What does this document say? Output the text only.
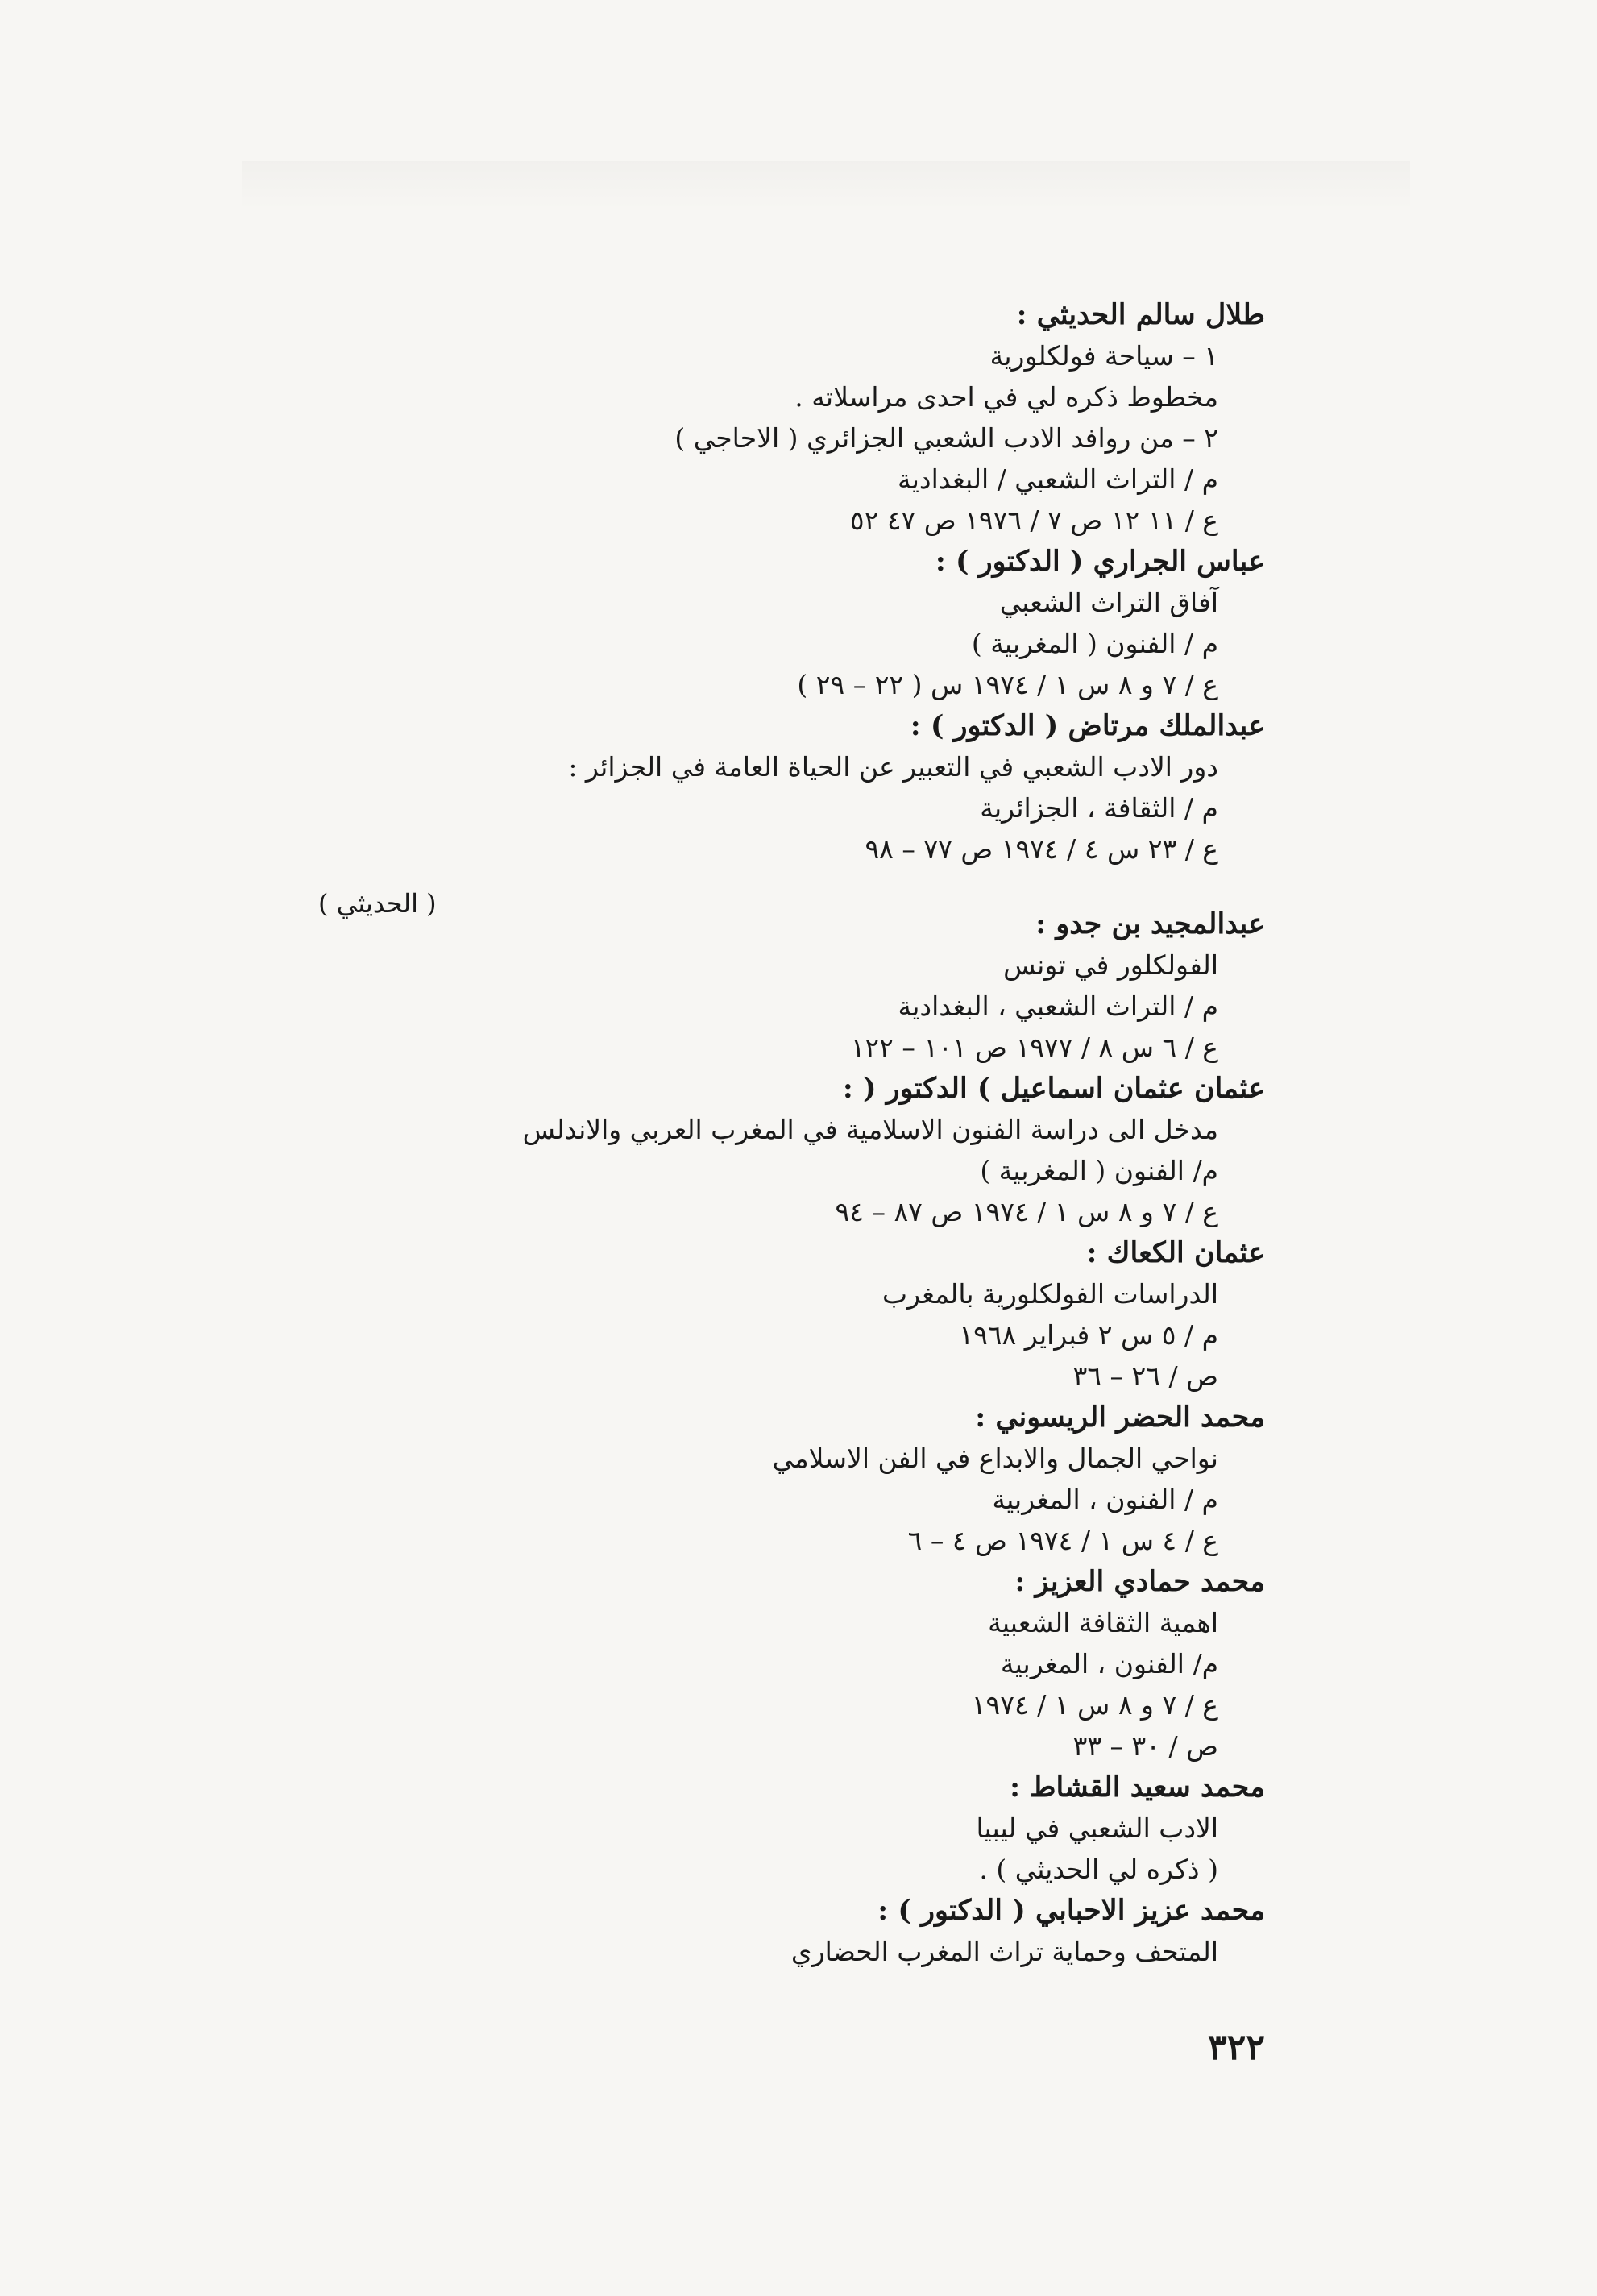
طلال سالم الحديثي :
١ – سياحة فولكلورية
مخطوط ذكره لي في احدى مراسلاته .
٢ – من روافد الادب الشعبي الجزائري ( الاحاجي )
م / التراث الشعبي / البغدادية
ع / ١١ ١٢ ص ٧ / ١٩٧٦ ص ٤٧ ٥٢
عباس الجراري ( الدكتور ) :
آفاق التراث الشعبي
م / الفنون ( المغربية )
ع / ٧ و ٨ س ١ / ١٩٧٤ س ( ٢٢ – ٢٩ )
عبدالملك مرتاض ( الدكتور ) :
دور الادب الشعبي في التعبير عن الحياة العامة في الجزائر :
م / الثقافة ، الجزائرية
ع / ٢٣ س ٤ / ١٩٧٤ ص ٧٧ – ٩٨
عبدالمجيد بن جدو :
الفولكلور في تونس
م / التراث الشعبي ، البغدادية
ع / ٦ س ٨ / ١٩٧٧ ص ١٠١ – ١٢٢
عثمان عثمان اسماعيل ) الدكتور ( :
مدخل الى دراسة الفنون الاسلامية في المغرب العربي والاندلس
م/ الفنون ( المغربية )
ع / ٧ و ٨ س ١ / ١٩٧٤ ص ٨٧ – ٩٤
عثمان الكعاك :
الدراسات الفولكلورية بالمغرب
م / ٥ س ٢ فبراير ١٩٦٨
ص / ٢٦ – ٣٦
محمد الحضر الريسوني :
نواحي الجمال والابداع في الفن الاسلامي
م / الفنون ، المغربية
ع / ٤ س ١ / ١٩٧٤ ص ٤ – ٦
محمد حمادي العزيز :
اهمية الثقافة الشعبية
م/ الفنون ، المغربية
ع / ٧ و ٨ س ١ / ١٩٧٤
ص / ٣٠ – ٣٣
محمد سعيد القشاط :
الادب الشعبي في ليبيا
( ذكره لي الحديثي ) .
محمد عزيز الاحبابي ( الدكتور ) :
المتحف وحماية تراث المغرب الحضاري
( الحديثي )
٣٢٢
